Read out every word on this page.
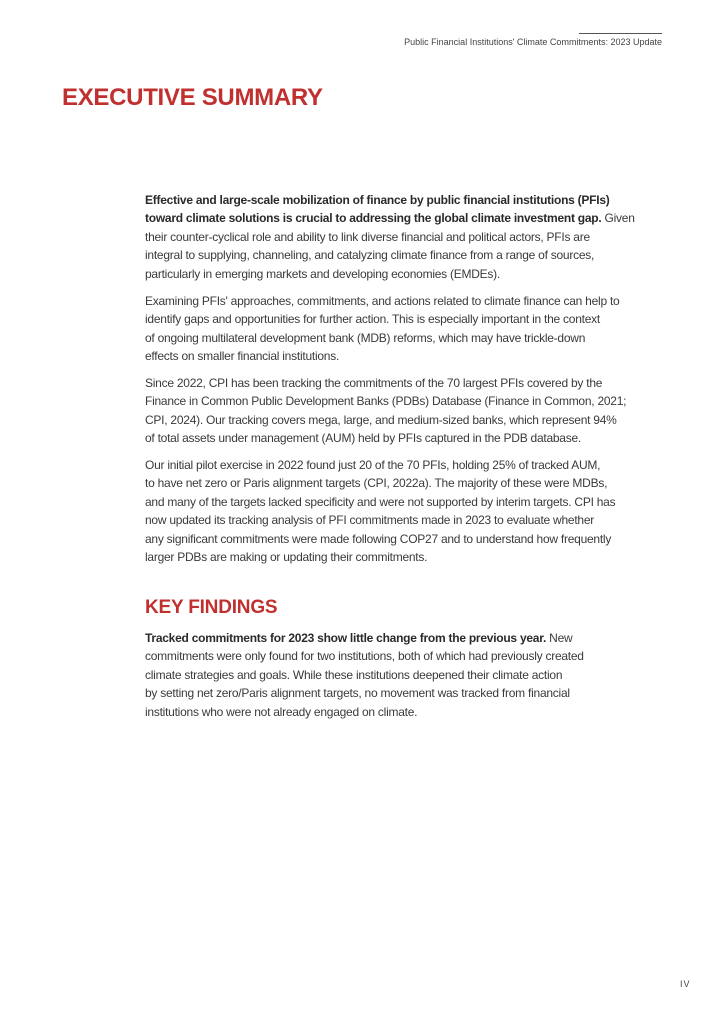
Public Financial Institutions' Climate Commitments: 2023 Update
EXECUTIVE SUMMARY
Effective and large-scale mobilization of finance by public financial institutions (PFIs)
toward climate solutions is crucial to addressing the global climate investment gap. Given
their counter-cyclical role and ability to link diverse financial and political actors, PFIs are
integral to supplying, channeling, and catalyzing climate finance from a range of sources,
particularly in emerging markets and developing economies (EMDEs).
Examining PFIs' approaches, commitments, and actions related to climate finance can help to
identify gaps and opportunities for further action. This is especially important in the context
of ongoing multilateral development bank (MDB) reforms, which may have trickle-down
effects on smaller financial institutions.
Since 2022, CPI has been tracking the commitments of the 70 largest PFIs covered by the
Finance in Common Public Development Banks (PDBs) Database (Finance in Common, 2021;
CPI, 2024). Our tracking covers mega, large, and medium-sized banks, which represent 94%
of total assets under management (AUM) held by PFIs captured in the PDB database.
Our initial pilot exercise in 2022 found just 20 of the 70 PFIs, holding 25% of tracked AUM,
to have net zero or Paris alignment targets (CPI, 2022a). The majority of these were MDBs,
and many of the targets lacked specificity and were not supported by interim targets. CPI has
now updated its tracking analysis of PFI commitments made in 2023 to evaluate whether
any significant commitments were made following COP27 and to understand how frequently
larger PDBs are making or updating their commitments.
KEY FINDINGS
Tracked commitments for 2023 show little change from the previous year. New
commitments were only found for two institutions, both of which had previously created
climate strategies and goals. While these institutions deepened their climate action
by setting net zero/Paris alignment targets, no movement was tracked from financial
institutions who were not already engaged on climate.
IV
